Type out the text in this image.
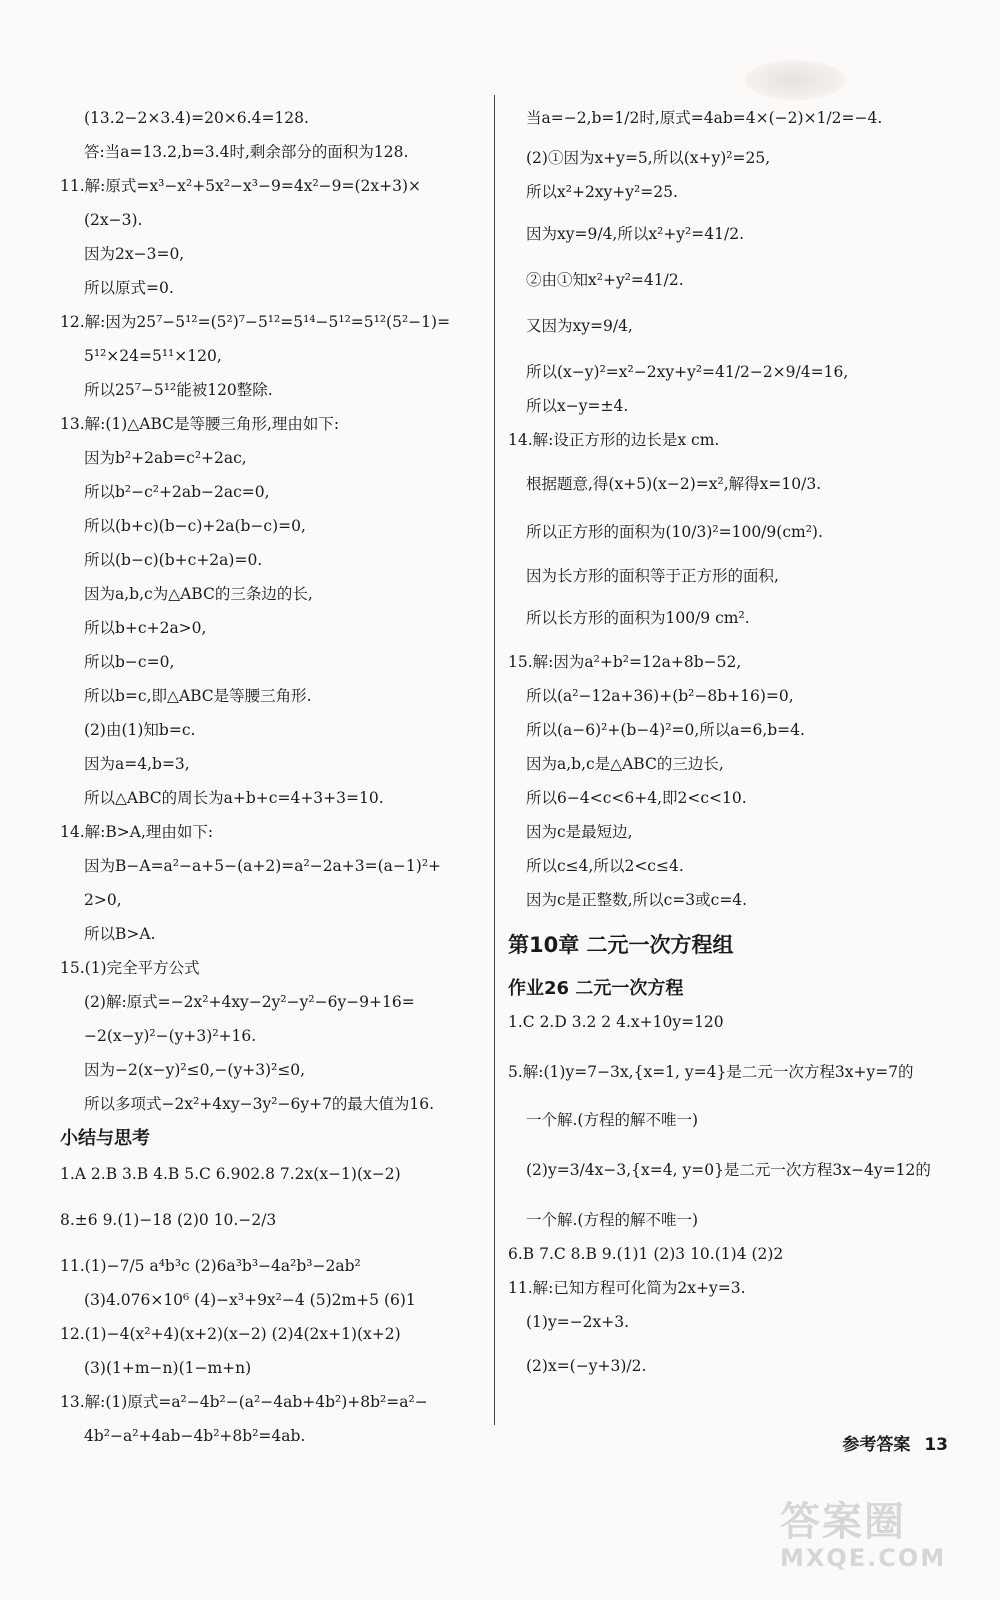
(13.2−2×3.4)=20×6.4=128.
答:当a=13.2,b=3.4时,剩余部分的面积为128.
11.解:原式=x³−x²+5x²−x³−9=4x²−9=(2x+3)×
(2x−3).
因为2x−3=0,
所以原式=0.
12.解:因为25⁷−5¹²=(5²)⁷−5¹²=5¹⁴−5¹²=5¹²(5²−1)=
5¹²×24=5¹¹×120,
所以25⁷−5¹²能被120整除.
13.解:(1)△ABC是等腰三角形,理由如下:
因为b²+2ab=c²+2ac,
所以b²−c²+2ab−2ac=0,
所以(b+c)(b−c)+2a(b−c)=0,
所以(b−c)(b+c+2a)=0.
因为a,b,c为△ABC的三条边的长,
所以b+c+2a>0,
所以b−c=0,
所以b=c,即△ABC是等腰三角形.
(2)由(1)知b=c.
因为a=4,b=3,
所以△ABC的周长为a+b+c=4+3+3=10.
14.解:B>A,理由如下:
因为B−A=a²−a+5−(a+2)=a²−2a+3=(a−1)²+
2>0,
所以B>A.
15.(1)完全平方公式
(2)解:原式=−2x²+4xy−2y²−y²−6y−9+16=
−2(x−y)²−(y+3)²+16.
因为−2(x−y)²≤0,−(y+3)²≤0,
所以多项式−2x²+4xy−3y²−6y+7的最大值为16.
小结与思考
1.A 2.B 3.B 4.B 5.C 6.902.8 7.2x(x−1)(x−2)
8.±6 9.(1)−18 (2)0 10.−2/3
11.(1)−7/5 a⁴b³c (2)6a³b³−4a²b³−2ab²
(3)4.076×10⁶ (4)−x³+9x²−4 (5)2m+5 (6)1
12.(1)−4(x²+4)(x+2)(x−2) (2)4(2x+1)(x+2)
(3)(1+m−n)(1−m+n)
13.解:(1)原式=a²−4b²−(a²−4ab+4b²)+8b²=a²−
4b²−a²+4ab−4b²+8b²=4ab.
当a=−2,b=1/2时,原式=4ab=4×(−2)×1/2=−4.
(2)①因为x+y=5,所以(x+y)²=25,
所以x²+2xy+y²=25.
因为xy=9/4,所以x²+y²=41/2.
②由①知x²+y²=41/2.
又因为xy=9/4,
所以(x−y)²=x²−2xy+y²=41/2−2×9/4=16,
所以x−y=±4.
14.解:设正方形的边长是x cm.
根据题意,得(x+5)(x−2)=x²,解得x=10/3.
所以正方形的面积为(10/3)²=100/9(cm²).
因为长方形的面积等于正方形的面积,
所以长方形的面积为100/9 cm².
15.解:因为a²+b²=12a+8b−52,
所以(a²−12a+36)+(b²−8b+16)=0,
所以(a−6)²+(b−4)²=0,所以a=6,b=4.
因为a,b,c是△ABC的三边长,
所以6−4<c<6+4,即2<c<10.
因为c是最短边,
所以c≤4,所以2<c≤4.
因为c是正整数,所以c=3或c=4.
第10章 二元一次方程组
作业26 二元一次方程
1.C 2.D 3.2 2 4.x+10y=120
5.解:(1)y=7−3x,{x=1, y=4}是二元一次方程3x+y=7的
一个解.(方程的解不唯一)
(2)y=3/4x−3,{x=4, y=0}是二元一次方程3x−4y=12的
一个解.(方程的解不唯一)
6.B 7.C 8.B 9.(1)1 (2)3 10.(1)4 (2)2
11.解:已知方程可化简为2x+y=3.
(1)y=−2x+3.
(2)x=(−y+3)/2.
参考答案 13
答案圈
MXQE.COM
